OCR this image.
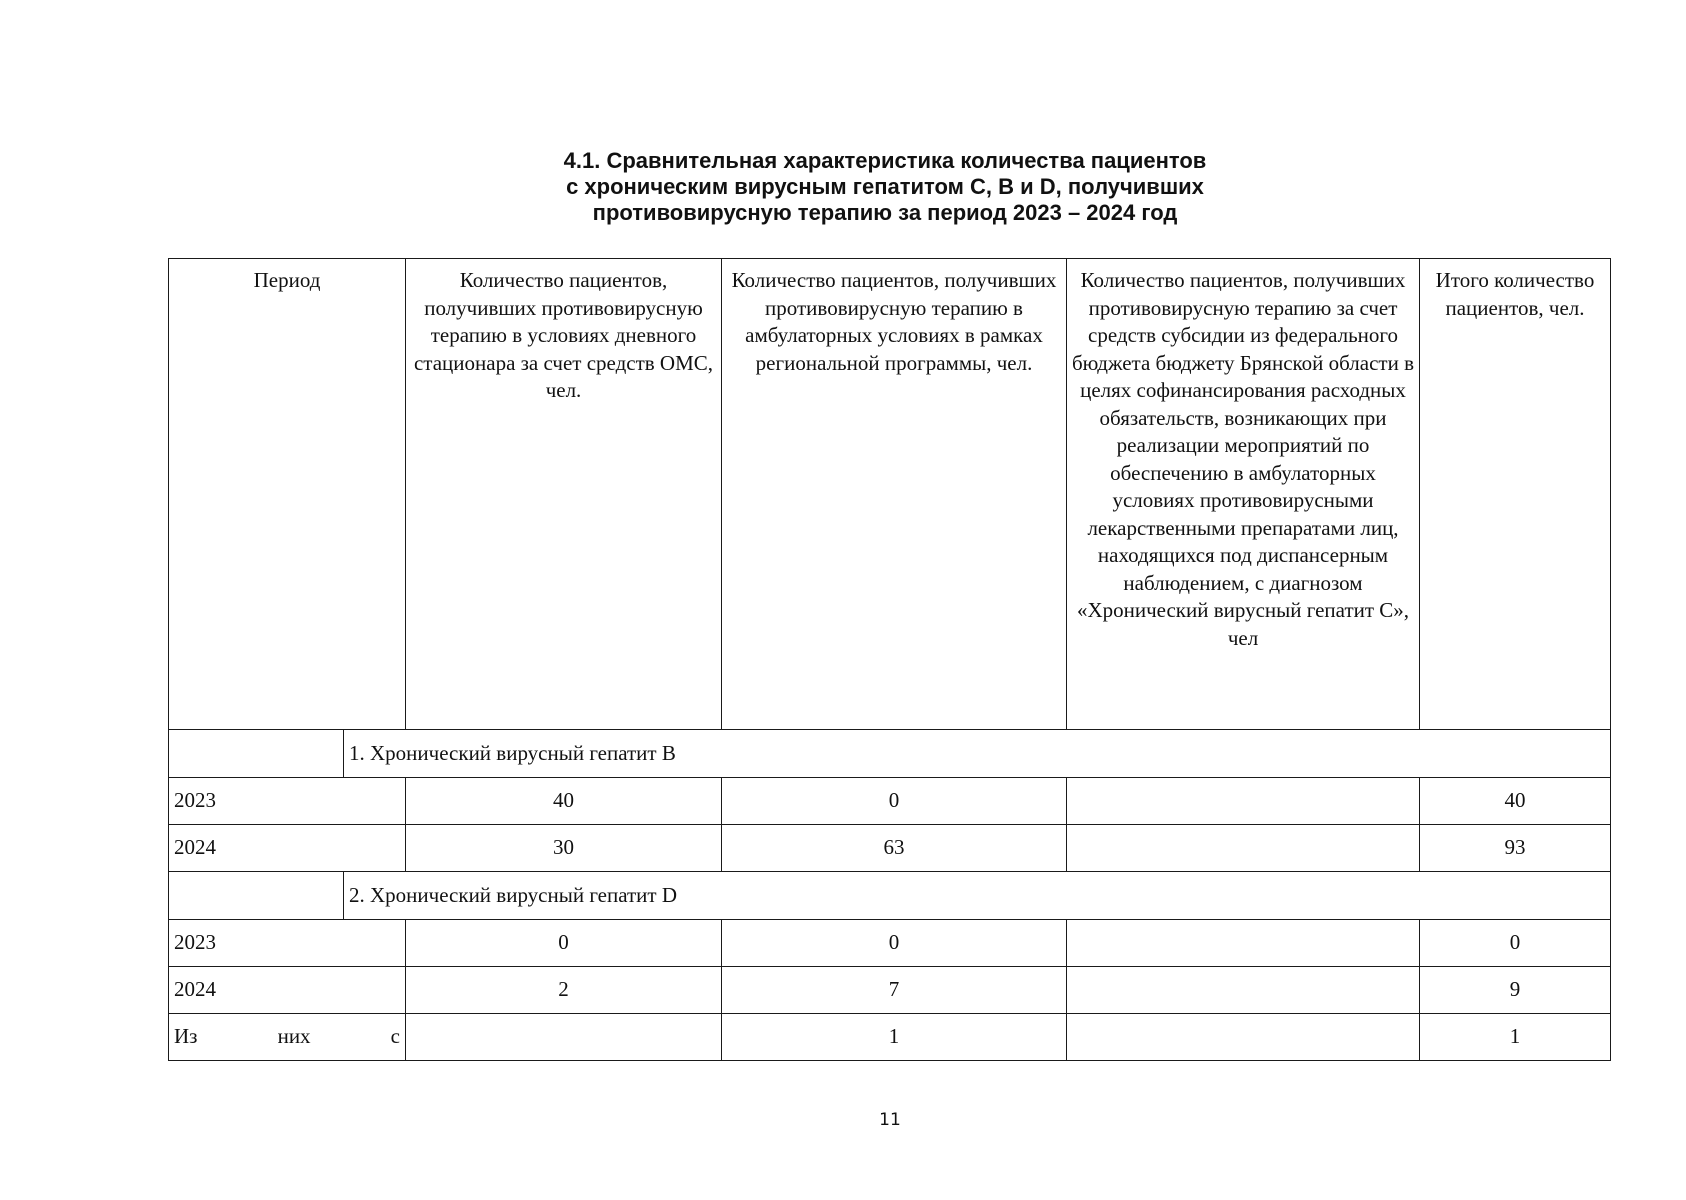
4.1. Сравнительная характеристика количества пациентов
с хроническим вирусным гепатитом С, В и D, получивших
противовирусную терапию за период 2023 – 2024 год
Период		Количество пациентов, получивших противовирусную терапию в условиях дневного стационара за счет средств ОМС, чел.	Количество пациентов, получивших противовирусную терапию в амбулаторных условиях в рамках региональной программы, чел.	Количество пациентов, получивших противовирусную терапию за счет средств субсидии из федерального бюджета бюджету Брянской области в целях софинансирования расходных обязательств, возникающих при реализации мероприятий по обеспечению в амбулаторных условиях противовирусными лекарственными препаратами лиц, находящихся под диспансерным наблюдением, с диагнозом «Хронический вирусный гепатит С», чел	Итого количество пациентов, чел.
	1. Хронический вирусный гепатит В				
2023		40	0		40
2024		30	63		93
	2. Хронический вирусный гепатит D				
2023		0	0		0
2024		2	7		9

Из них с			1		1
11
